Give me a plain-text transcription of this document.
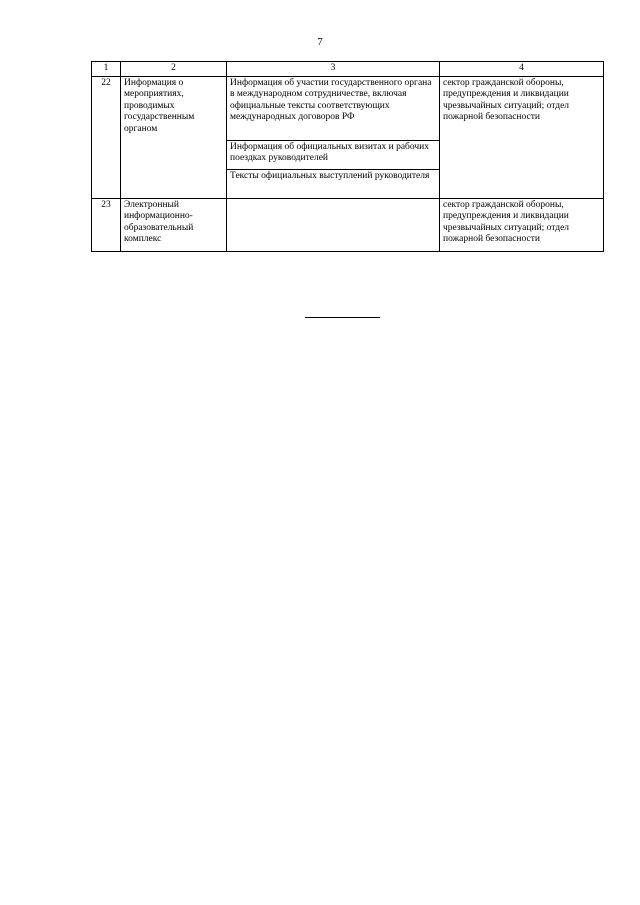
7
1	2	3	4
22	Информация о мероприятиях, проводимых государственным органом	Информация об участии государственного органа в международном сотрудничестве, включая официальные тексты соответствующих международных договоров РФ	сектор гражданской обороны, предупреждения и ликвидации чрезвычайных ситуаций; отдел пожарной безопасности
		Информация об официальных визитах и рабочих поездках руководителей	
		Тексты официальных выступлений руководителя	
23	Электронный информационно-образовательный комплекс		сектор гражданской обороны, предупреждения и ликвидации чрезвычайных ситуаций; отдел пожарной безопасности
